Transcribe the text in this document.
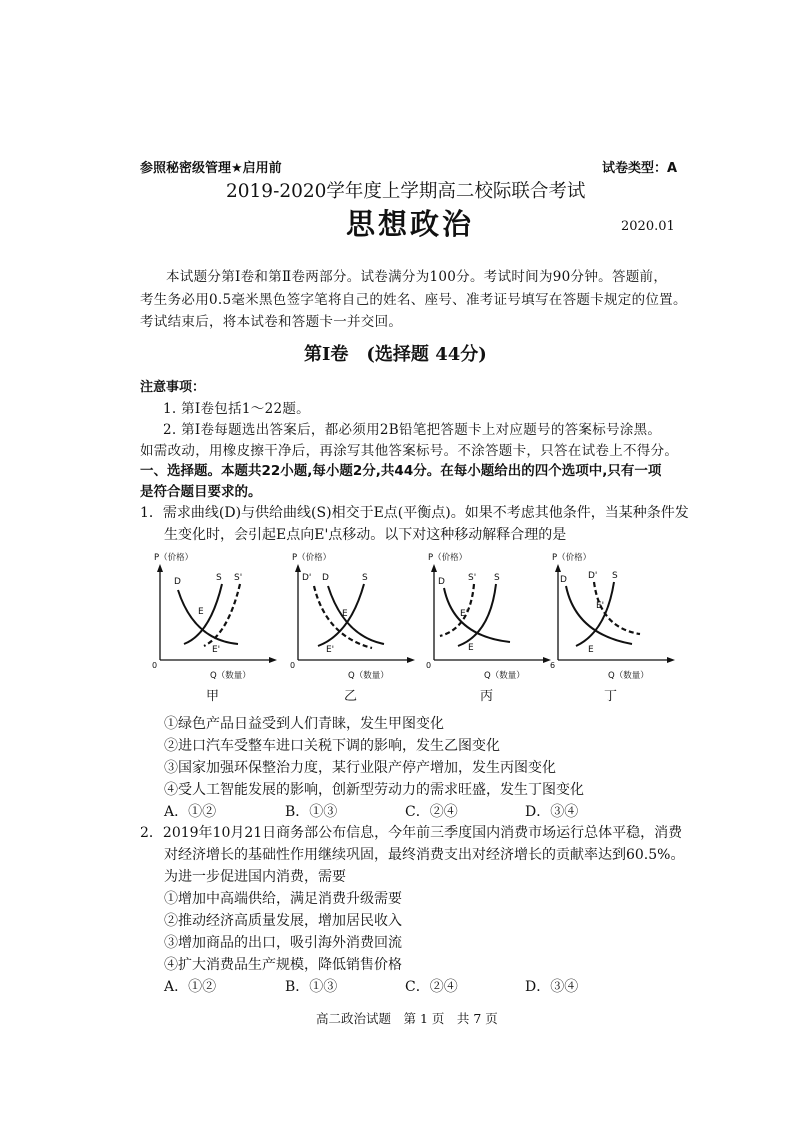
参照秘密级管理★启用前	试卷类型：A
2019-2020学年度上学期高二校际联合考试
思想政治	2020.01
本试题分第Ⅰ卷和第Ⅱ卷两部分。试卷满分为100分。考试时间为90分钟。答题前，
考生务必用0.5毫米黑色签字笔将自己的姓名、座号、准考证号填写在答题卡规定的位置。
考试结束后，将本试卷和答题卡一并交回。
第Ⅰ卷　(选择题 44分)
注意事项：
1. 第Ⅰ卷包括1～22题。
2. 第Ⅰ卷每题选出答案后，都必须用2B铅笔把答题卡上对应题号的答案标号涂黑。
如需改动，用橡皮擦干净后，再涂写其他答案标号。不涂答题卡，只答在试卷上不得分。
一、选择题。本题共22小题,每小题2分,共44分。在每小题给出的四个选项中,只有一项
是符合题目要求的。
1．需求曲线(D)与供给曲线(S)相交于E点(平衡点)。如果不考虑其他条件，当某种条件发
生变化时，会引起E点向E'点移动。以下对这种移动解释合理的是
P（价格）
Q（数量）
0
D	S S'
E
E'
甲
P（价格）
Q（数量）
0
D' D	S
E
E'
乙
P（价格）
Q（数量）
0
D	S' S
E'
E
丙
P（价格）
Q（数量）
6
D D' S
E'
E
丁
①绿色产品日益受到人们青睐，发生甲图变化
②进口汽车受整车进口关税下调的影响，发生乙图变化
③国家加强环保整治力度，某行业限产停产增加，发生丙图变化
④受人工智能发展的影响，创新型劳动力的需求旺盛，发生丁图变化
A．①②	B．①③	C．②④	D．③④
2．2019年10月21日商务部公布信息，今年前三季度国内消费市场运行总体平稳，消费
对经济增长的基础性作用继续巩固，最终消费支出对经济增长的贡献率达到60.5%。
为进一步促进国内消费，需要
①增加中高端供给，满足消费升级需要
②推动经济高质量发展，增加居民收入
③增加商品的出口，吸引海外消费回流
④扩大消费品生产规模，降低销售价格
A．①②	B．①③	C．②④	D．③④
高二政治试题　第 1 页　共 7 页
